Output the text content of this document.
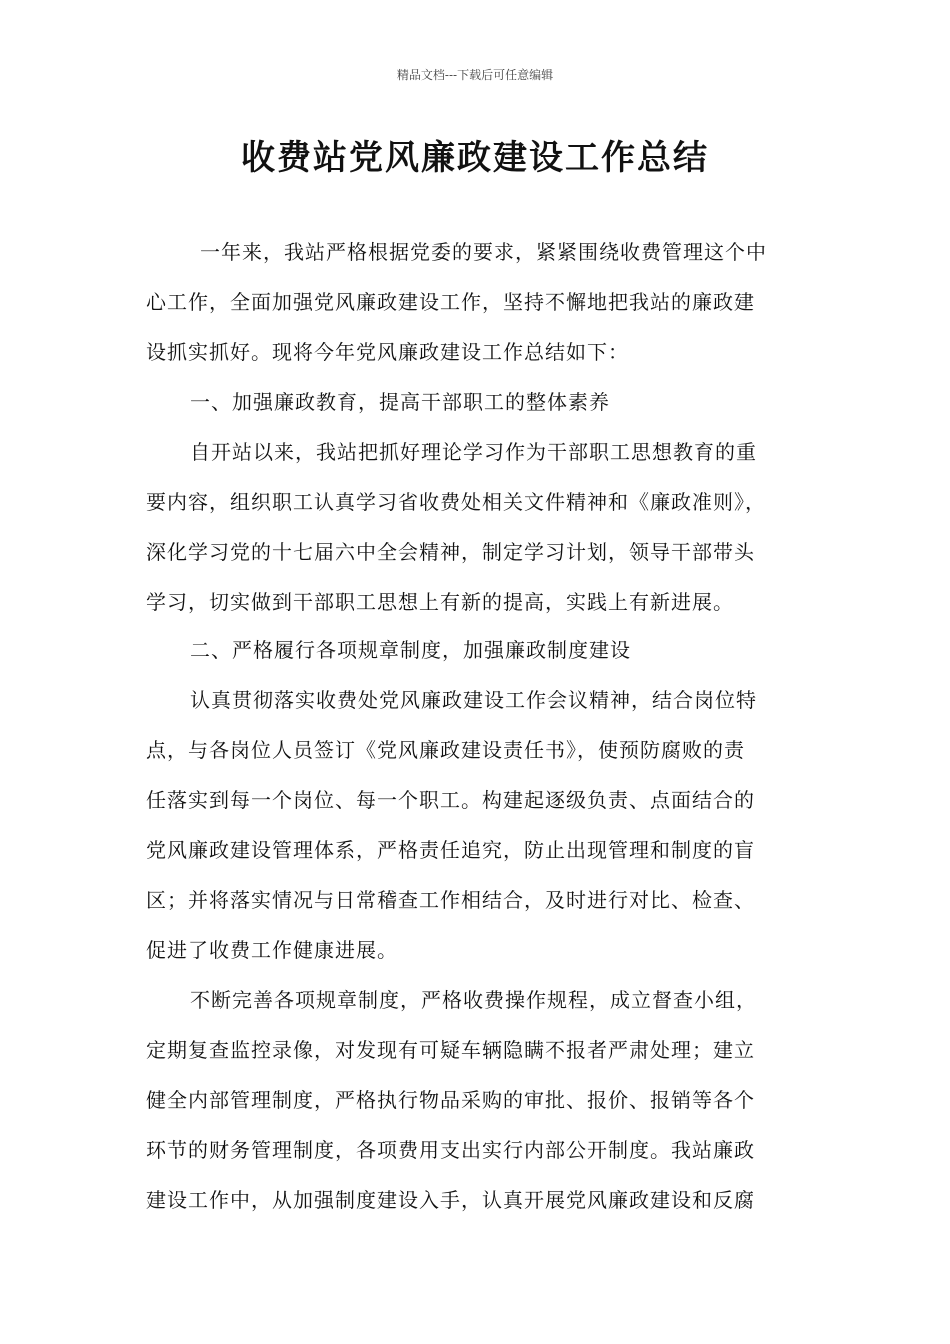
精品文档---下载后可任意编辑
收费站党风廉政建设工作总结

一年来，我站严格根据党委的要求，紧紧围绕收费管理这个中

心工作，全面加强党风廉政建设工作，坚持不懈地把我站的廉政建

设抓实抓好。现将今年党风廉政建设工作总结如下：

一、加强廉政教育，提高干部职工的整体素养

自开站以来，我站把抓好理论学习作为干部职工思想教育的重

要内容，组织职工认真学习省收费处相关文件精神和《廉政准则》，

深化学习党的十七届六中全会精神，制定学习计划，领导干部带头

学习，切实做到干部职工思想上有新的提高，实践上有新进展。

二、严格履行各项规章制度，加强廉政制度建设

认真贯彻落实收费处党风廉政建设工作会议精神，结合岗位特

点，与各岗位人员签订《党风廉政建设责任书》，使预防腐败的责

任落实到每一个岗位、每一个职工。构建起逐级负责、点面结合的

党风廉政建设管理体系，严格责任追究，防止出现管理和制度的盲

区；并将落实情况与日常稽查工作相结合，及时进行对比、检查、

促进了收费工作健康进展。

不断完善各项规章制度，严格收费操作规程，成立督查小组，

定期复查监控录像，对发现有可疑车辆隐瞒不报者严肃处理；建立

健全内部管理制度，严格执行物品采购的审批、报价、报销等各个

环节的财务管理制度，各项费用支出实行内部公开制度。我站廉政

建设工作中，从加强制度建设入手，认真开展党风廉政建设和反腐
